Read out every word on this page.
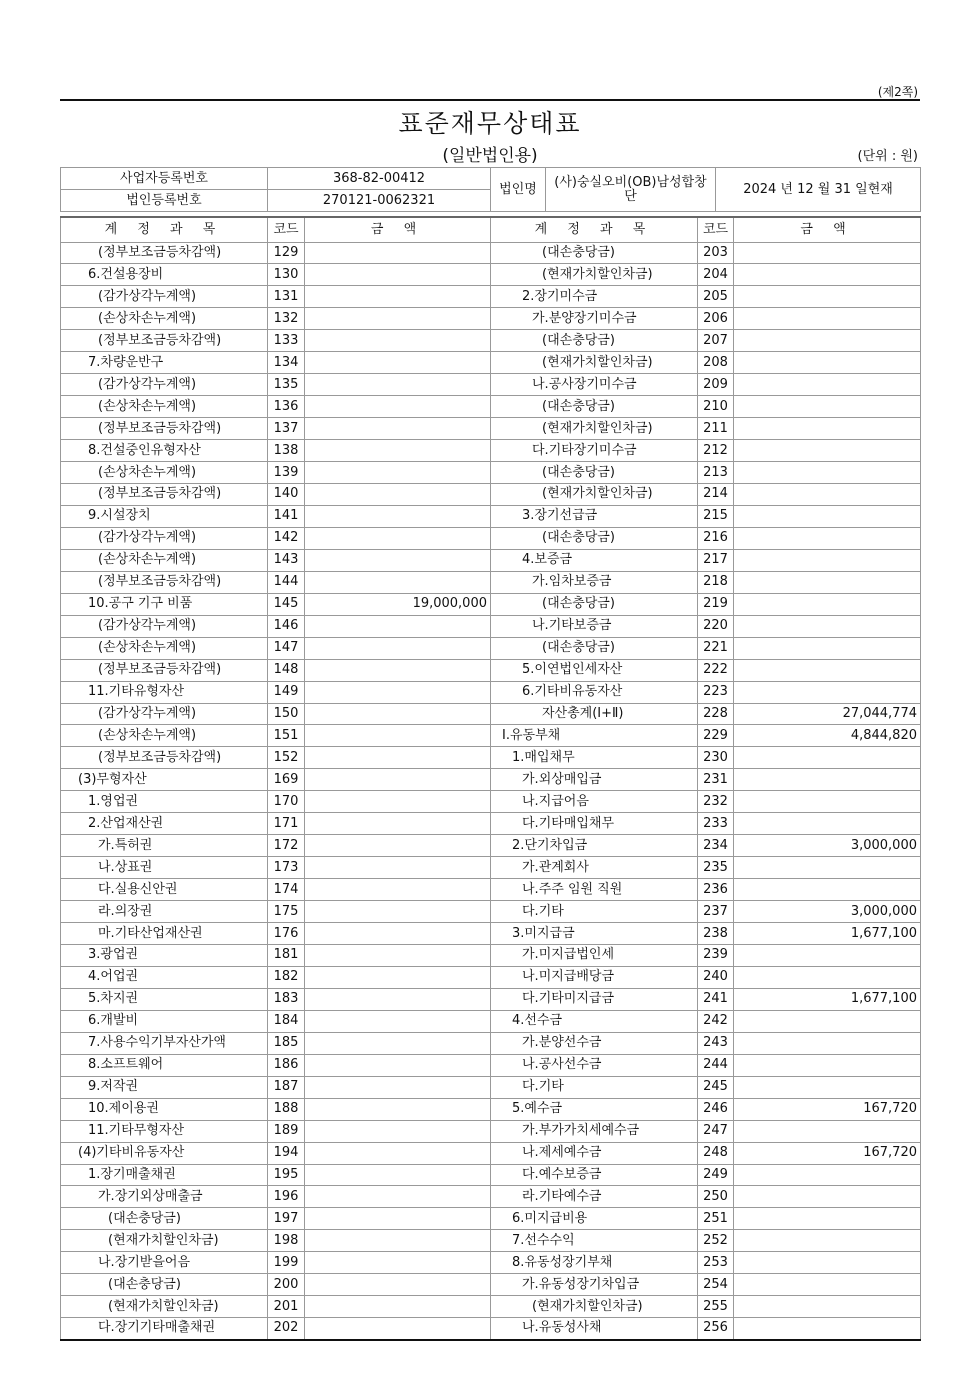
(제2쪽)
표준재무상태표
(일반법인용)	(단위 : 원)
사업자등록번호	368-82-00412	법인명	(사)숭실오비(OB)남성합창단	2024 년 12 월 31 일현재
법인등록번호	270121-0062321			
계 정 과 목	코드	금 액	계 정 과 목	코드	금 액
(정부보조금등차감액)	129		(대손충당금)	203	
6.건설용장비	130		(현재가치할인차금)	204	
(감가상각누계액)	131		2.장기미수금	205	
(손상차손누계액)	132		가.분양장기미수금	206	
(정부보조금등차감액)	133		(대손충당금)	207	
7.차량운반구	134		(현재가치할인차금)	208	
(감가상각누계액)	135		나.공사장기미수금	209	
(손상차손누계액)	136		(대손충당금)	210	
(정부보조금등차감액)	137		(현재가치할인차금)	211	
8.건설중인유형자산	138		다.기타장기미수금	212	
(손상차손누계액)	139		(대손충당금)	213	
(정부보조금등차감액)	140		(현재가치할인차금)	214	
9.시설장치	141		3.장기선급금	215	
(감가상각누계액)	142		(대손충당금)	216	
(손상차손누계액)	143		4.보증금	217	
(정부보조금등차감액)	144		가.임차보증금	218	
10.공구 기구 비품	145	19,000,000	(대손충당금)	219	
(감가상각누계액)	146		나.기타보증금	220	
(손상차손누계액)	147		(대손충당금)	221	
(정부보조금등차감액)	148		5.이연법인세자산	222	
11.기타유형자산	149		6.기타비유동자산	223	
(감가상각누계액)	150		자산총계(Ⅰ+Ⅱ)	228	27,044,774
(손상차손누계액)	151		Ⅰ.유동부채	229	4,844,820
(정부보조금등차감액)	152		1.매입채무	230	
(3)무형자산	169		가.외상매입금	231	
1.영업권	170		나.지급어음	232	
2.산업재산권	171		다.기타매입채무	233	
가.특허권	172		2.단기차입금	234	3,000,000
나.상표권	173		가.관계회사	235	
다.실용신안권	174		나.주주 임원 직원	236	
라.의장권	175		다.기타	237	3,000,000
마.기타산업재산권	176		3.미지급금	238	1,677,100
3.광업권	181		가.미지급법인세	239	
4.어업권	182		나.미지급배당금	240	
5.차지권	183		다.기타미지급금	241	1,677,100
6.개발비	184		4.선수금	242	
7.사용수익기부자산가액	185		가.분양선수금	243	
8.소프트웨어	186		나.공사선수금	244	
9.저작권	187		다.기타	245	
10.제이용권	188		5.예수금	246	167,720
11.기타무형자산	189		가.부가가치세예수금	247	
(4)기타비유동자산	194		나.제세예수금	248	167,720
1.장기매출채권	195		다.예수보증금	249	
가.장기외상매출금	196		라.기타예수금	250	
(대손충당금)	197		6.미지급비용	251	
(현재가치할인차금)	198		7.선수수익	252	
나.장기받을어음	199		8.유동성장기부채	253	
(대손충당금)	200		가.유동성장기차입금	254	
(현재가치할인차금)	201		(현재가치할인차금)	255	
다.장기기타매출채권	202		나.유동성사채	256	
